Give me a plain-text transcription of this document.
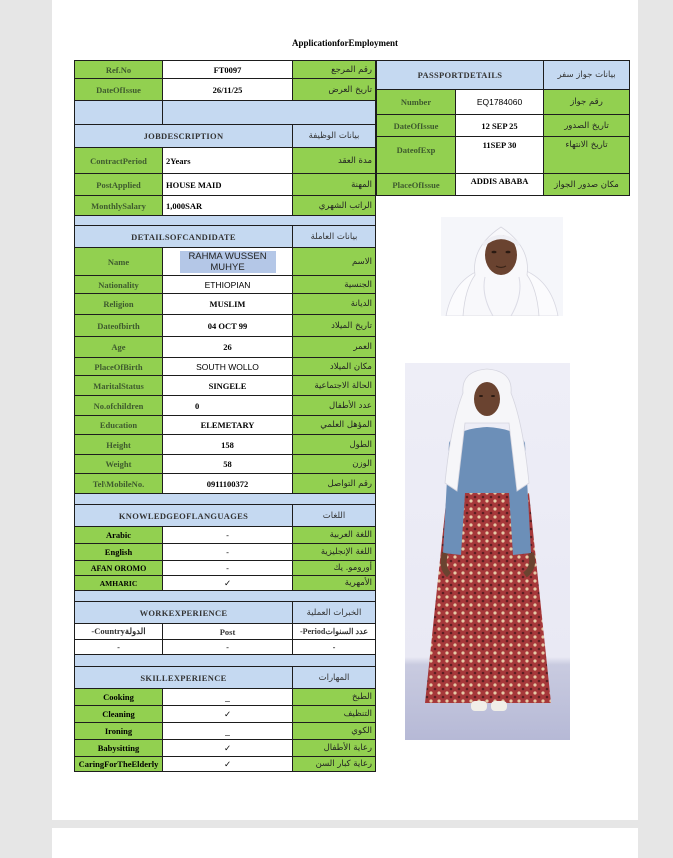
ApplicationforEmployment
Ref.No	FT0097	رقم المرجع
DateOfIssue	26/11/25	تاريخ العرض

JOBDESCRIPTION		بيانات الوظيفة
ContractPeriod	2Years	مدة العقد
PostApplied	HOUSE MAID	المهنة
MonthlySalary	1,000SAR	الراتب الشهري

DETAILSOFCANDIDATE		بيانات العاملة
Name	RAHMA WUSSEN MUHYE	الاسم
Nationality	ETHIOPIAN	الجنسية
Religion	MUSLIM	الديانة
Dateofbirth	04 OCT 99	تاريخ الميلاد
Age	26	العمر
PlaceOfBirth	SOUTH WOLLO	مكان الميلاد
MaritalStatus	SINGELE	الحالة الاجتماعية
No.ofchildren	0	عدد الأطفال
Education	ELEMETARY	المؤهل العلمي
Height	158	الطول
Weight	58	الوزن
Tel\MobileNo.	0911100372	رقم التواصل

KNOWLEDGEOFLANGUAGES		اللغات
Arabic	-	اللغة العربية
English	-	اللغة الإنجليزية
AFAN OROMO	-	أورومو. يك
AMHARIC	✓	الأمهرية

WORKEXPERIENCE		الخبرات العملية
-Countryالدولة	Post	-Periodعدد السنوات
-	-	-

SKILLEXPERIENCE		المهارات
Cooking	_	الطبخ
Cleaning	✓	التنظيف
Ironing	_	الكوي
Babysitting	✓	رعاية الأطفال
CaringForTheElderly	✓	رعاية كبار السن
PASSPORTDETAILS		بيانات جواز سفر
Number	EQ1784060	رقم جواز
DateOfIssue	12 SEP 25	تاريخ الصدور
DateofExp	11SEP 30	تاريخ الانتهاء
PlaceOfIssue	ADDIS ABABA	مكان صدور الجواز
